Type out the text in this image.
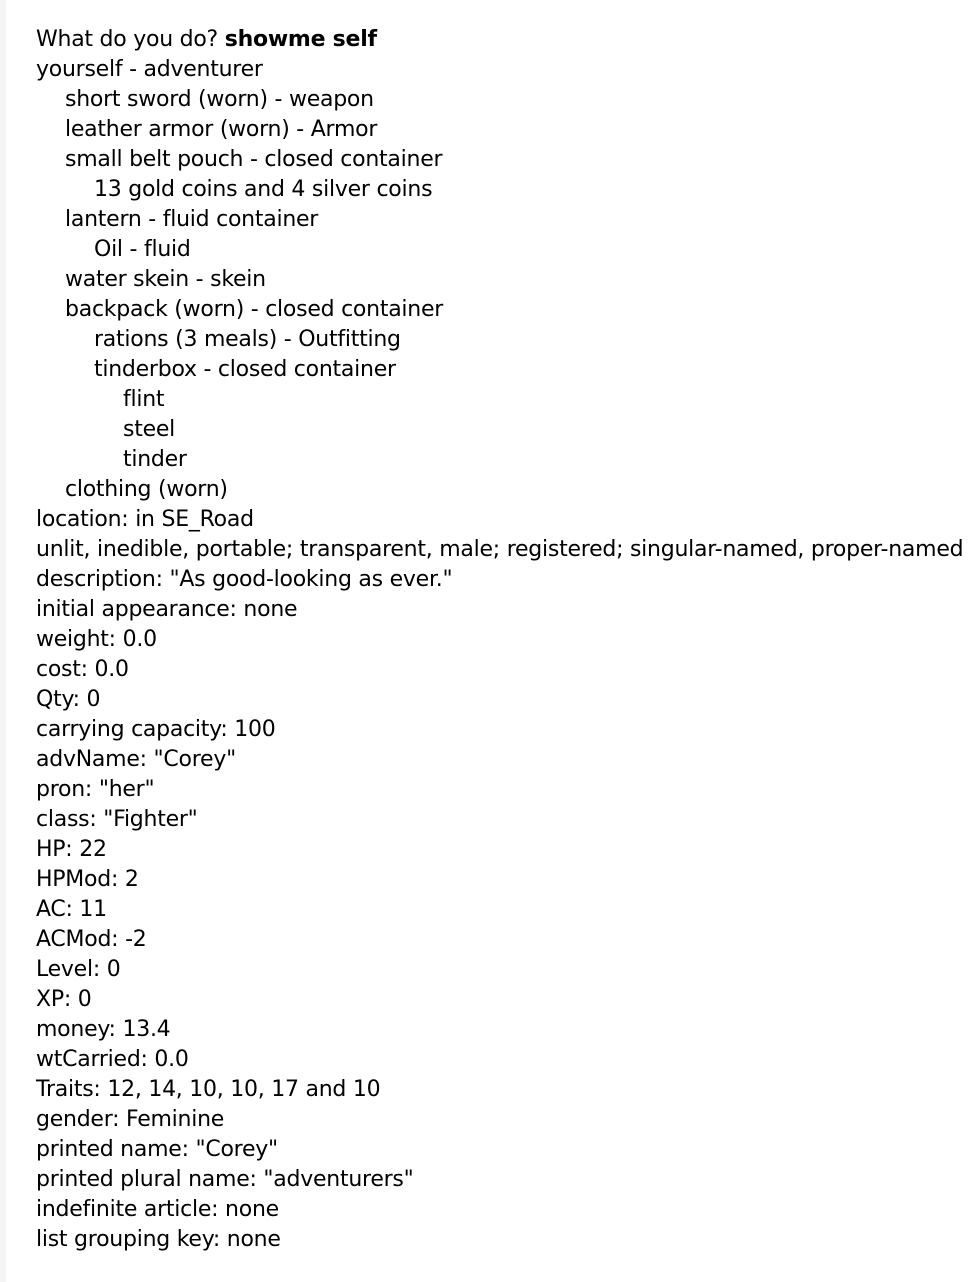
What do you do? showme self
yourself - adventurer
short sword (worn) - weapon
leather armor (worn) - Armor
small belt pouch - closed container
13 gold coins and 4 silver coins
lantern - fluid container
Oil - fluid
water skein - skein
backpack (worn) - closed container
rations (3 meals) - Outfitting
tinderbox - closed container
flint
steel
tinder
clothing (worn)
location: in SE_Road
unlit, inedible, portable; transparent, male; registered; singular-named, proper-named
description: "As good-looking as ever."
initial appearance: none
weight: 0.0
cost: 0.0
Qty: 0
carrying capacity: 100
advName: "Corey"
pron: "her"
class: "Fighter"
HP: 22
HPMod: 2
AC: 11
ACMod: -2
Level: 0
XP: 0
money: 13.4
wtCarried: 0.0
Traits: 12, 14, 10, 10, 17 and 10
gender: Feminine
printed name: "Corey"
printed plural name: "adventurers"
indefinite article: none
list grouping key: none
